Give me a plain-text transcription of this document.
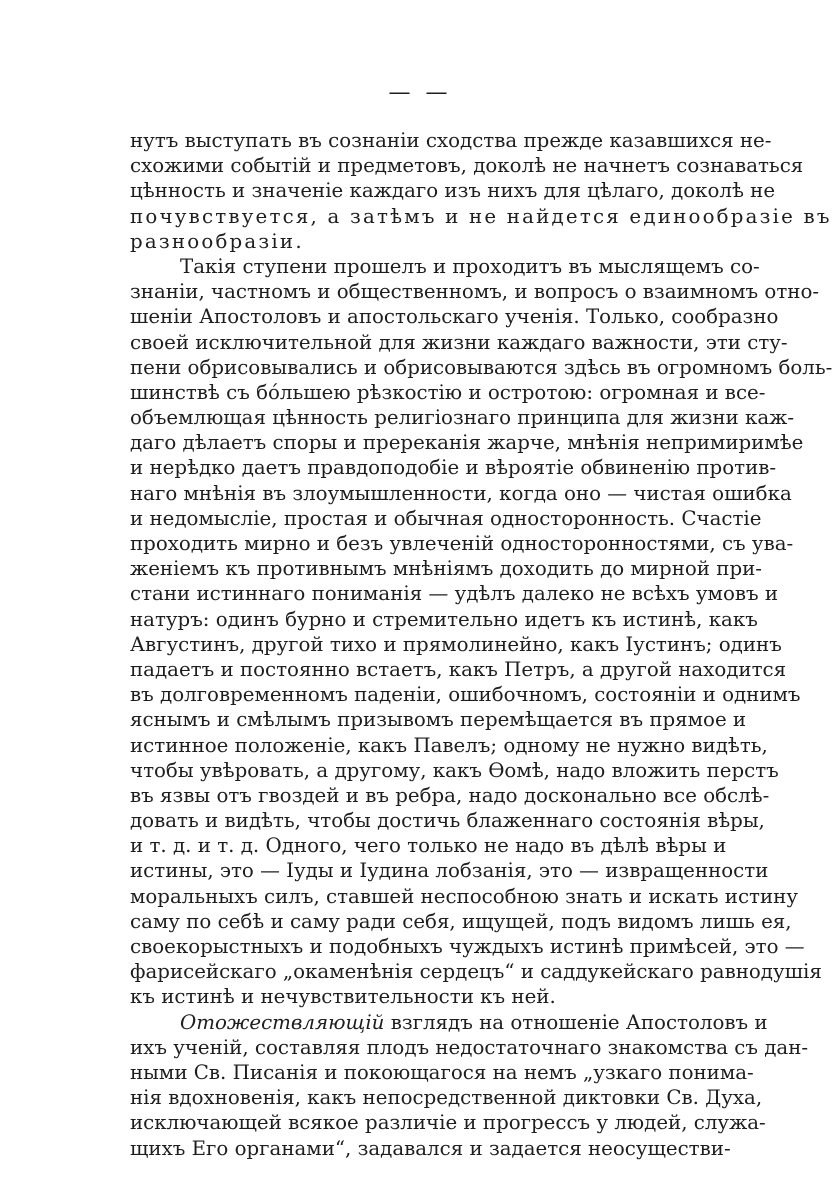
— —
нутъ выступать въ сознаніи сходства прежде казавшихся не-
схожими событій и предметовъ, доколѣ не начнетъ сознаваться
цѣнность и значеніе каждаго изъ нихъ для цѣлаго, доколѣ не
почувствуется, а затѣмъ и не найдется единообразіе въ
разнообразіи.
Такія ступени прошелъ и проходитъ въ мыслящемъ со-
знаніи, частномъ и общественномъ, и вопросъ о взаимномъ отно-
шеніи Апостоловъ и апостольскаго ученія. Только, сообразно
своей исключительной для жизни каждаго важности, эти сту-
пени обрисовывались и обрисовываются здѣсь въ огромномъ боль-
шинствѣ съ бóльшею рѣзкостію и остротою: огромная и все-
объемлющая цѣнность религіознаго принципа для жизни каж-
даго дѣлаетъ споры и пререканія жарче, мнѣнія непримиримѣе
и нерѣдко даетъ правдоподобіе и вѣроятіе обвиненію против-
наго мнѣнія въ злоумышленности, когда оно — чистая ошибка
и недомысліе, простая и обычная односторонность. Счастіе
проходить мирно и безъ увлеченій односторонностями, съ ува-
женіемъ къ противнымъ мнѣніямъ доходить до мирной при-
стани истиннаго пониманія — удѣлъ далеко не всѣхъ умовъ и
натуръ: одинъ бурно и стремительно идетъ къ истинѣ, какъ
Августинъ, другой тихо и прямолинейно, какъ Іустинъ; одинъ
падаетъ и постоянно встаетъ, какъ Петръ, а другой находится
въ долговременномъ паденіи, ошибочномъ, состояніи и однимъ
яснымъ и смѣлымъ призывомъ перемѣщается въ прямое и
истинное положеніе, какъ Павелъ; одному не нужно видѣть,
чтобы увѣровать, а другому, какъ Ѳомѣ, надо вложить перстъ
въ язвы отъ гвоздей и въ ребра, надо досконально все обслѣ-
довать и видѣть, чтобы достичь блаженнаго состоянія вѣры,
и т. д. и т. д. Одного, чего только не надо въ дѣлѣ вѣры и
истины, это — Іуды и Іудина лобзанія, это — извращенности
моральныхъ силъ, ставшей неспособною знать и искать истину
саму по себѣ и саму ради себя, ищущей, подъ видомъ лишь ея,
своекорыстныхъ и подобныхъ чуждыхъ истинѣ примѣсей, это —
фарисейскаго „окаменѣнія сердецъ“ и саддукейскаго равнодушія
къ истинѣ и нечувствительности къ ней.
Отожествляющій взглядъ на отношеніе Апостоловъ и
ихъ ученій, составляя плодъ недостаточнаго знакомства съ дан-
ными Св. Писанія и покоющагося на немъ „узкаго понима-
нія вдохновенія, какъ непосредственной диктовки Св. Духа,
исключающей всякое различіе и прогрессъ у людей, служа-
щихъ Его органами“, задавался и задается неосуществи-
